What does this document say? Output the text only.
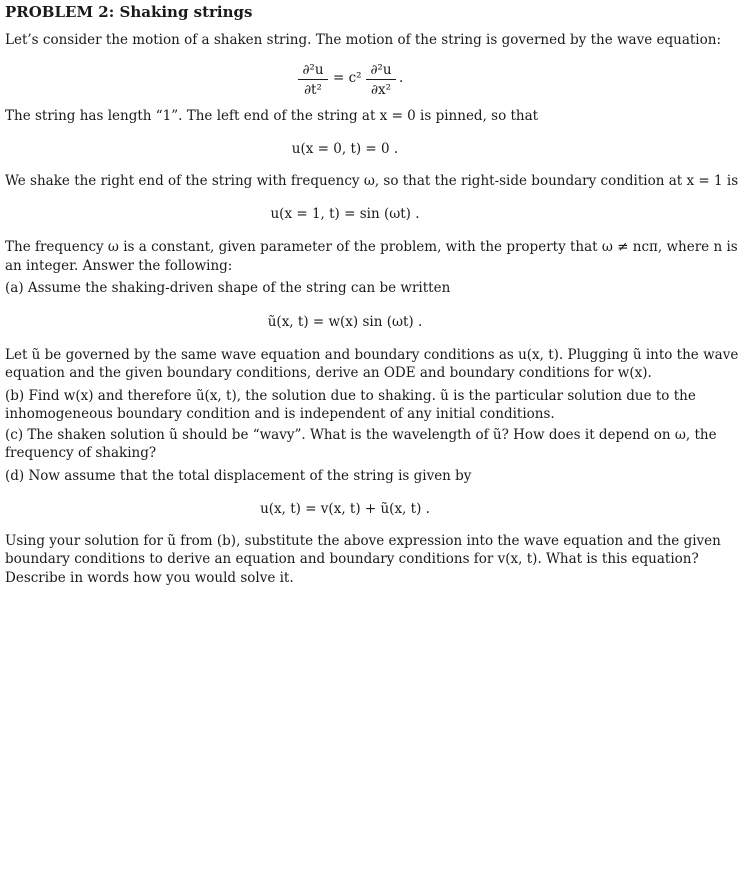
PROBLEM 2: Shaking strings
Let’s consider the motion of a shaken string. The motion of the string is governed by the wave equation:
∂²u
∂t²
= c² ∂²u
∂x²
.
The string has length “1”. The left end of the string at x = 0 is pinned, so that
u(x = 0, t) = 0 .
We shake the right end of the string with frequency ω, so that the right-side boundary condition at x = 1 is
u(x = 1, t) = sin (ωt) .
The frequency ω is a constant, given parameter of the problem, with the property that ω ≠ ncπ, where n is
an integer. Answer the following:
(a) Assume the shaking-driven shape of the string can be written
ũ(x, t) = w(x) sin (ωt) .
Let ũ be governed by the same wave equation and boundary conditions as u(x, t). Plugging ũ into the wave
equation and the given boundary conditions, derive an ODE and boundary conditions for w(x).
(b) Find w(x) and therefore ũ(x, t), the solution due to shaking. ũ is the particular solution due to the
inhomogeneous boundary condition and is independent of any initial conditions.
(c) The shaken solution ũ should be “wavy”. What is the wavelength of ũ? How does it depend on ω, the
frequency of shaking?
(d) Now assume that the total displacement of the string is given by
u(x, t) = v(x, t) + ũ(x, t) .
Using your solution for ũ from (b), substitute the above expression into the wave equation and the given
boundary conditions to derive an equation and boundary conditions for v(x, t). What is this equation?
Describe in words how you would solve it.
